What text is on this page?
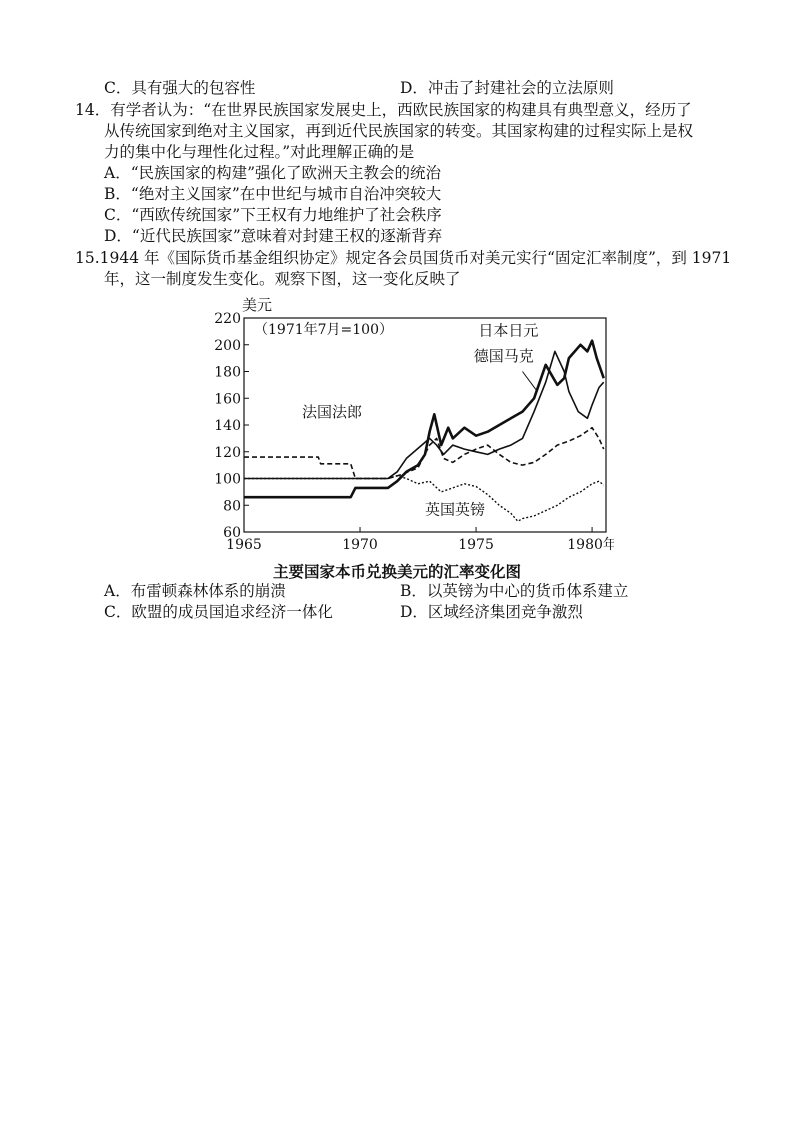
C．具有强大的包容性	D．冲击了封建社会的立法原则
14．有学者认为：“在世界民族国家发展史上，西欧民族国家的构建具有典型意义，经历了
从传统国家到绝对主义国家，再到近代民族国家的转变。其国家构建的过程实际上是权
力的集中化与理性化过程。”对此理解正确的是
A．“民族国家的构建”强化了欧洲天主教会的统治
B．“绝对主义国家”在中世纪与城市自治冲突较大
C．“西欧传统国家”下王权有力地维护了社会秩序
D．“近代民族国家”意味着对封建王权的逐渐背弃
15.1944 年《国际货币基金组织协定》规定各会员国货币对美元实行“固定汇率制度”，到 1971
年，这一制度发生变化。观察下图，这一变化反映了
60
80
100
120
140
160
180
200
220
1965	1970	1975	1980年
美元
（1971年7月=100）	日本日元
德国马克
法国法郎
英国英镑
主要国家本币兑换美元的汇率变化图
A．布雷顿森林体系的崩溃	B．以英镑为中心的货币体系建立
C．欧盟的成员国追求经济一体化	D．区域经济集团竞争激烈
